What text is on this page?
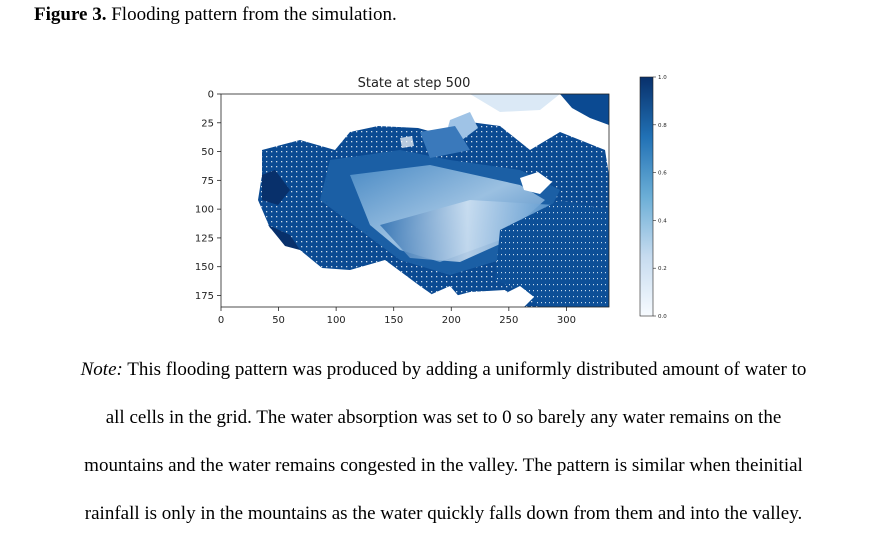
Figure 3. Flooding pattern from the simulation.
State at step 500
0	50	100	150	200	250	300
0
25
50
75
100
125
150
175
0.0
0.2
0.4
0.6
0.8
1.0
Note: This flooding pattern was produced by adding a uniformly distributed amount of water to
all cells in the grid. The water absorption was set to 0 so barely any water remains on the
mountains and the water remains congested in the valley. The pattern is similar when theinitial
rainfall is only in the mountains as the water quickly falls down from them and into the valley.
